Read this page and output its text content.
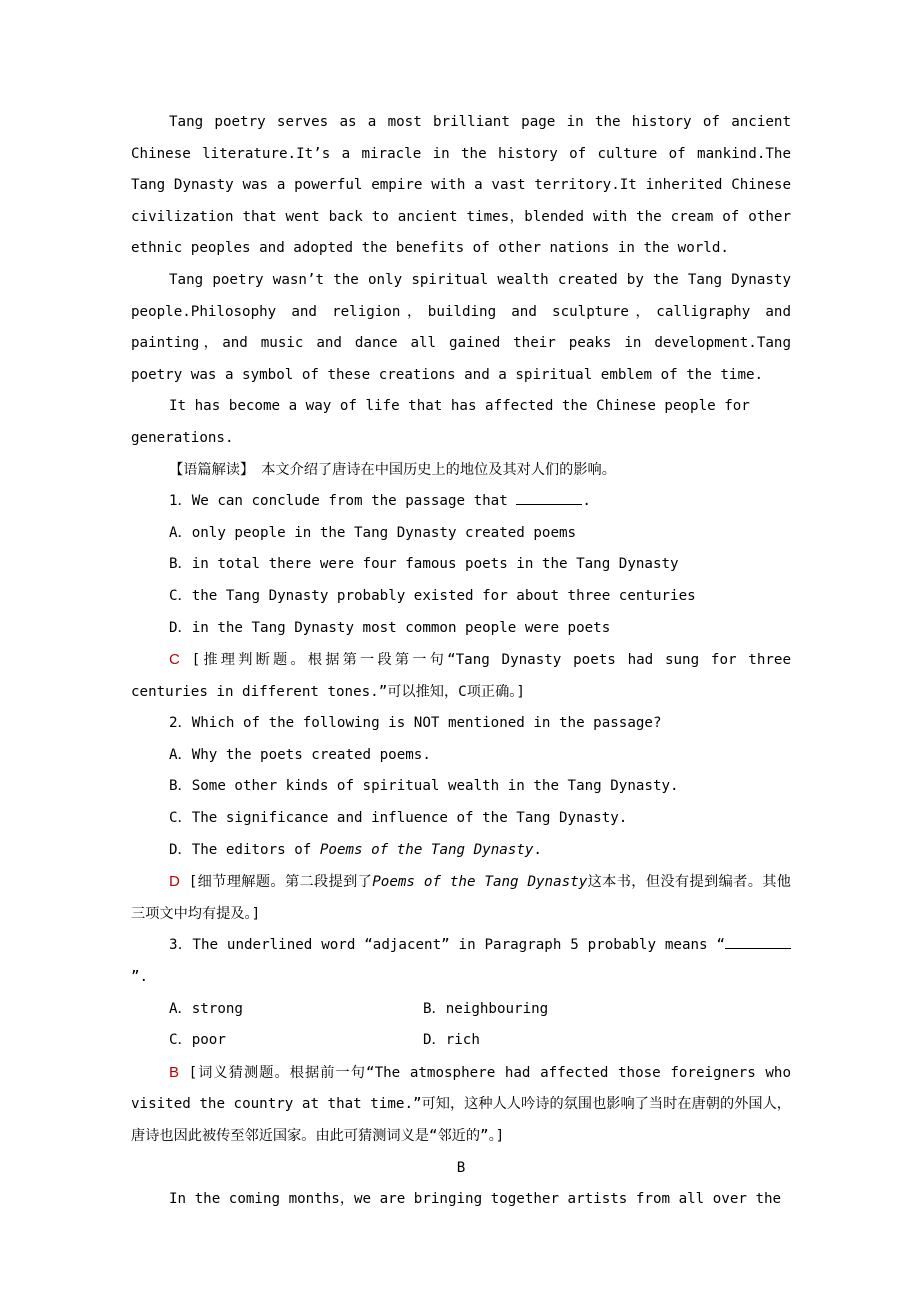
Tang poetry serves as a most brilliant page in the history of ancient Chinese literature.It’s a miracle in the history of culture of mankind.The Tang Dynasty was a powerful empire with a vast territory.It inherited Chinese civilization that went back to ancient times，blended with the cream of other ethnic peoples and adopted the benefits of other nations in the world.

Tang poetry wasn’t the only spiritual wealth created by the Tang Dynasty people.Philosophy and religion，building and sculpture，calligraphy and painting，and music and dance all gained their peaks in development.Tang poetry was a symbol of these creations and a spiritual emblem of the time.

It has become a way of life that has affected the Chinese people for generations.

【语篇解读】　本文介绍了唐诗在中国历史上的地位及其对人们的影响。

1．We can conclude from the passage that	.

A．only people in the Tang Dynasty created poems

B．in total there were four famous poets in the Tang Dynasty

C．the Tang Dynasty probably existed for about three centuries

D．in the Tang Dynasty most common people were poets

C [推理判断题。根据第一段第一句“Tang Dynasty poets had sung for three centuries in different tones.”可以推知，C项正确。]

2．Which of the following is NOT mentioned in the passage?

A．Why the poets created poems.

B．Some other kinds of spiritual wealth in the Tang Dynasty.

C．The significance and influence of the Tang Dynasty.

D．The editors of Poems of the Tang Dynasty.

D [细节理解题。第二段提到了Poems of the Tang Dynasty这本书，但没有提到编者。其他三项文中均有提及。]

3．The underlined word “adjacent” in Paragraph 5 probably means “”.

A．strong	B．neighbouring
C．poor	D．rich

B [词义猜测题。根据前一句“The atmosphere had affected those foreigners who visited the country at that time.”可知，这种人人吟诗的氛围也影响了当时在唐朝的外国人，唐诗也因此被传至邻近国家。由此可猜测词义是“邻近的”。]

B

In the coming months，we are bringing together artists from all over the
